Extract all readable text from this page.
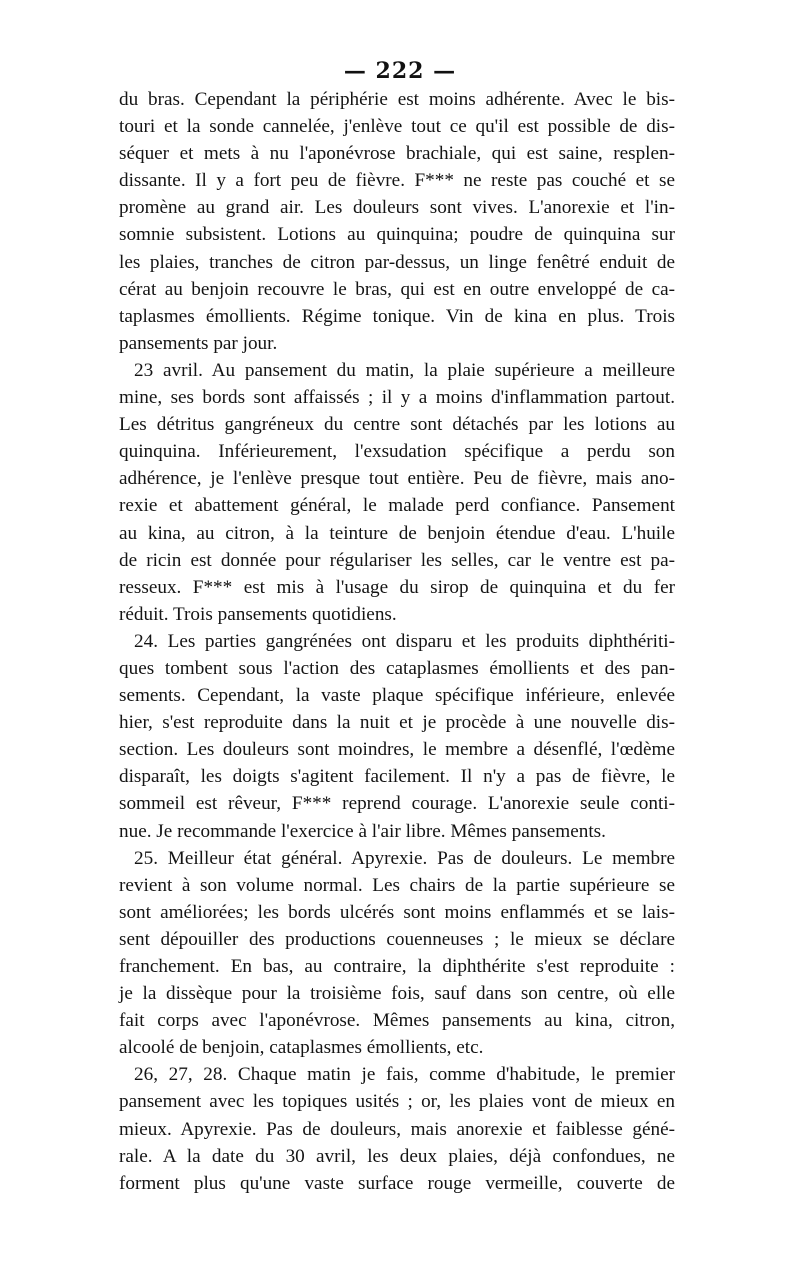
— 222 —
du bras. Cependant la périphérie est moins adhérente. Avec le bis-
touri et la sonde cannelée, j'enlève tout ce qu'il est possible de dis-
séquer et mets à nu l'aponévrose brachiale, qui est saine, resplen-
dissante. Il y a fort peu de fièvre. F*** ne reste pas couché et se
promène au grand air. Les douleurs sont vives. L'anorexie et l'in-
somnie subsistent. Lotions au quinquina; poudre de quinquina sur
les plaies, tranches de citron par-dessus, un linge fenêtré enduit de
cérat au benjoin recouvre le bras, qui est en outre enveloppé de ca-
taplasmes émollients. Régime tonique. Vin de kina en plus. Trois
pansements par jour.
23 avril. Au pansement du matin, la plaie supérieure a meilleure
mine, ses bords sont affaissés ; il y a moins d'inflammation partout.
Les détritus gangréneux du centre sont détachés par les lotions au
quinquina. Inférieurement, l'exsudation spécifique a perdu son
adhérence, je l'enlève presque tout entière. Peu de fièvre, mais ano-
rexie et abattement général, le malade perd confiance. Pansement
au kina, au citron, à la teinture de benjoin étendue d'eau. L'huile
de ricin est donnée pour régulariser les selles, car le ventre est pa-
resseux. F*** est mis à l'usage du sirop de quinquina et du fer
réduit. Trois pansements quotidiens.
24. Les parties gangrénées ont disparu et les produits diphthériti-
ques tombent sous l'action des cataplasmes émollients et des pan-
sements. Cependant, la vaste plaque spécifique inférieure, enlevée
hier, s'est reproduite dans la nuit et je procède à une nouvelle dis-
section. Les douleurs sont moindres, le membre a désenflé, l'œdème
disparaît, les doigts s'agitent facilement. Il n'y a pas de fièvre, le
sommeil est rêveur, F*** reprend courage. L'anorexie seule conti-
nue. Je recommande l'exercice à l'air libre. Mêmes pansements.
25. Meilleur état général. Apyrexie. Pas de douleurs. Le membre
revient à son volume normal. Les chairs de la partie supérieure se
sont améliorées; les bords ulcérés sont moins enflammés et se lais-
sent dépouiller des productions couenneuses ; le mieux se déclare
franchement. En bas, au contraire, la diphthérite s'est reproduite :
je la dissèque pour la troisième fois, sauf dans son centre, où elle
fait corps avec l'aponévrose. Mêmes pansements au kina, citron,
alcoolé de benjoin, cataplasmes émollients, etc.
26, 27, 28. Chaque matin je fais, comme d'habitude, le premier
pansement avec les topiques usités ; or, les plaies vont de mieux en
mieux. Apyrexie. Pas de douleurs, mais anorexie et faiblesse géné-
rale. A la date du 30 avril, les deux plaies, déjà confondues, ne
forment plus qu'une vaste surface rouge vermeille, couverte de
